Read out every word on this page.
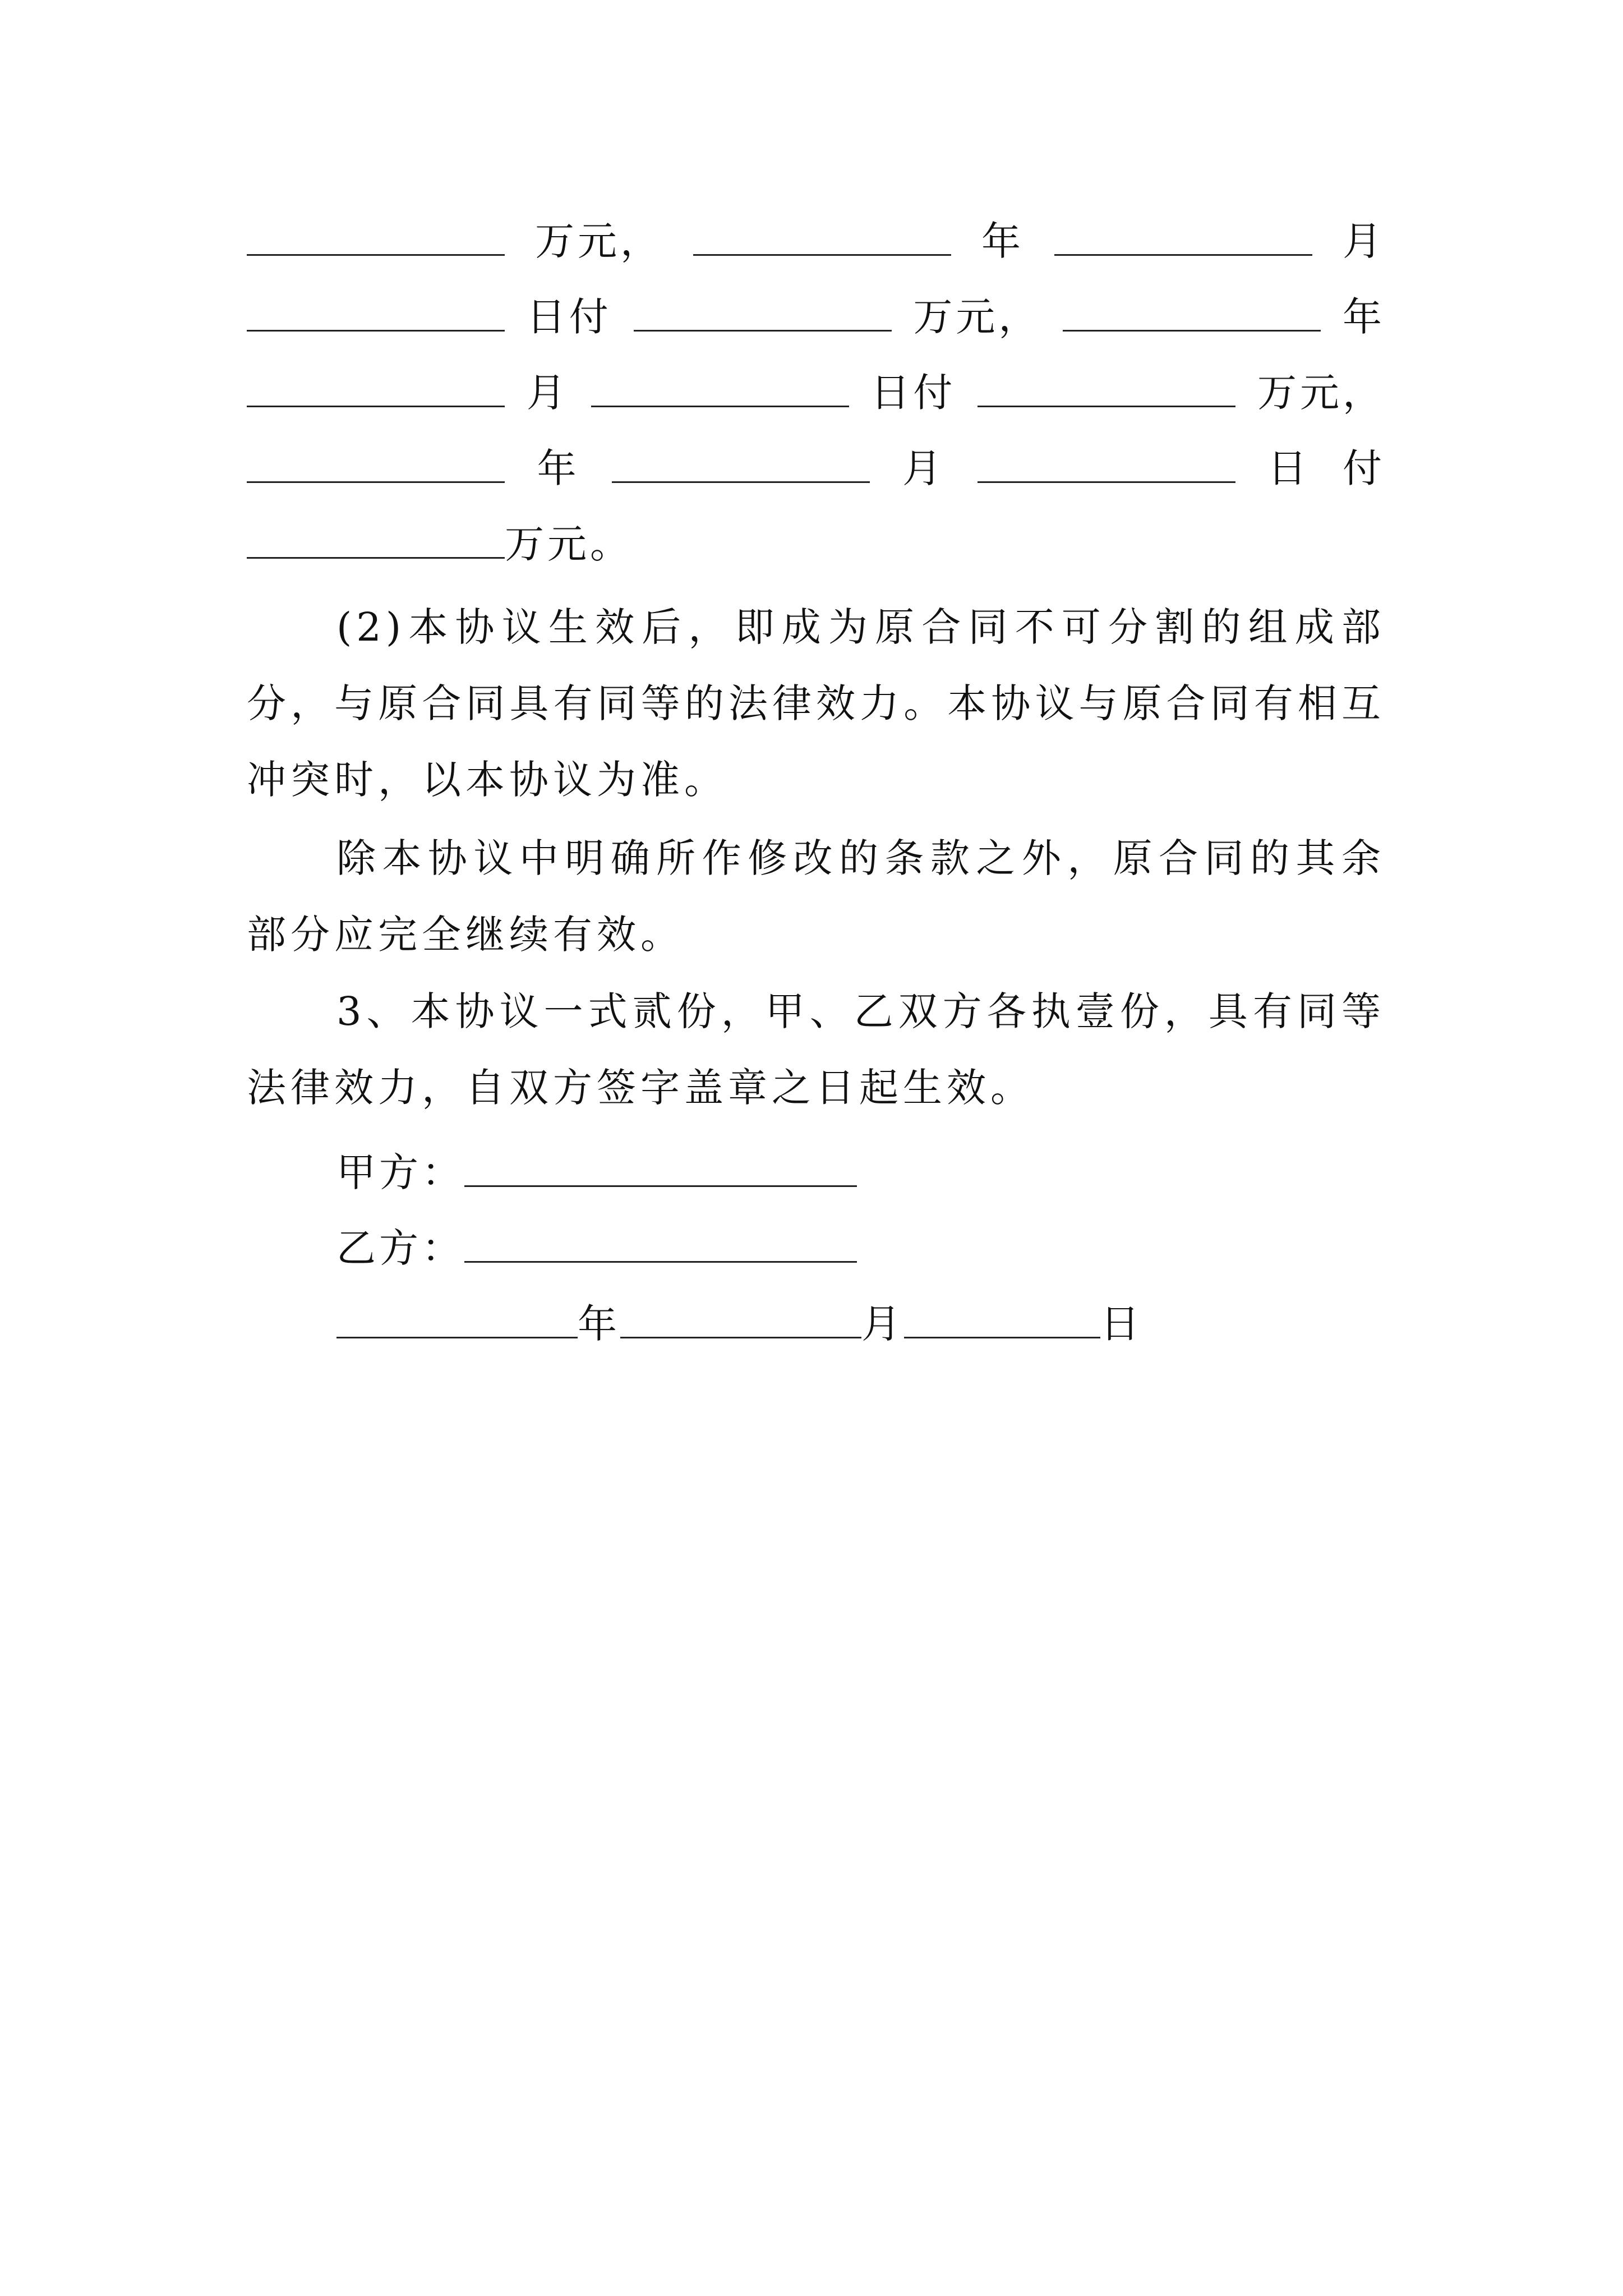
万元，	年	月
日付	万元，	年
月	日付	万元，
年	月	日 付
万元。
(2)本协议生效后，即成为原合同不可分割的组成部分，与原合同具有同等的法律效力。本协议与原合同有相互冲突时，以本协议为准。
除本协议中明确所作修改的条款之外，原合同的其余部分应完全继续有效。
3、本协议一式贰份，甲、乙双方各执壹份，具有同等法律效力，自双方签字盖章之日起生效。
甲方：
乙方：
年	月	日
